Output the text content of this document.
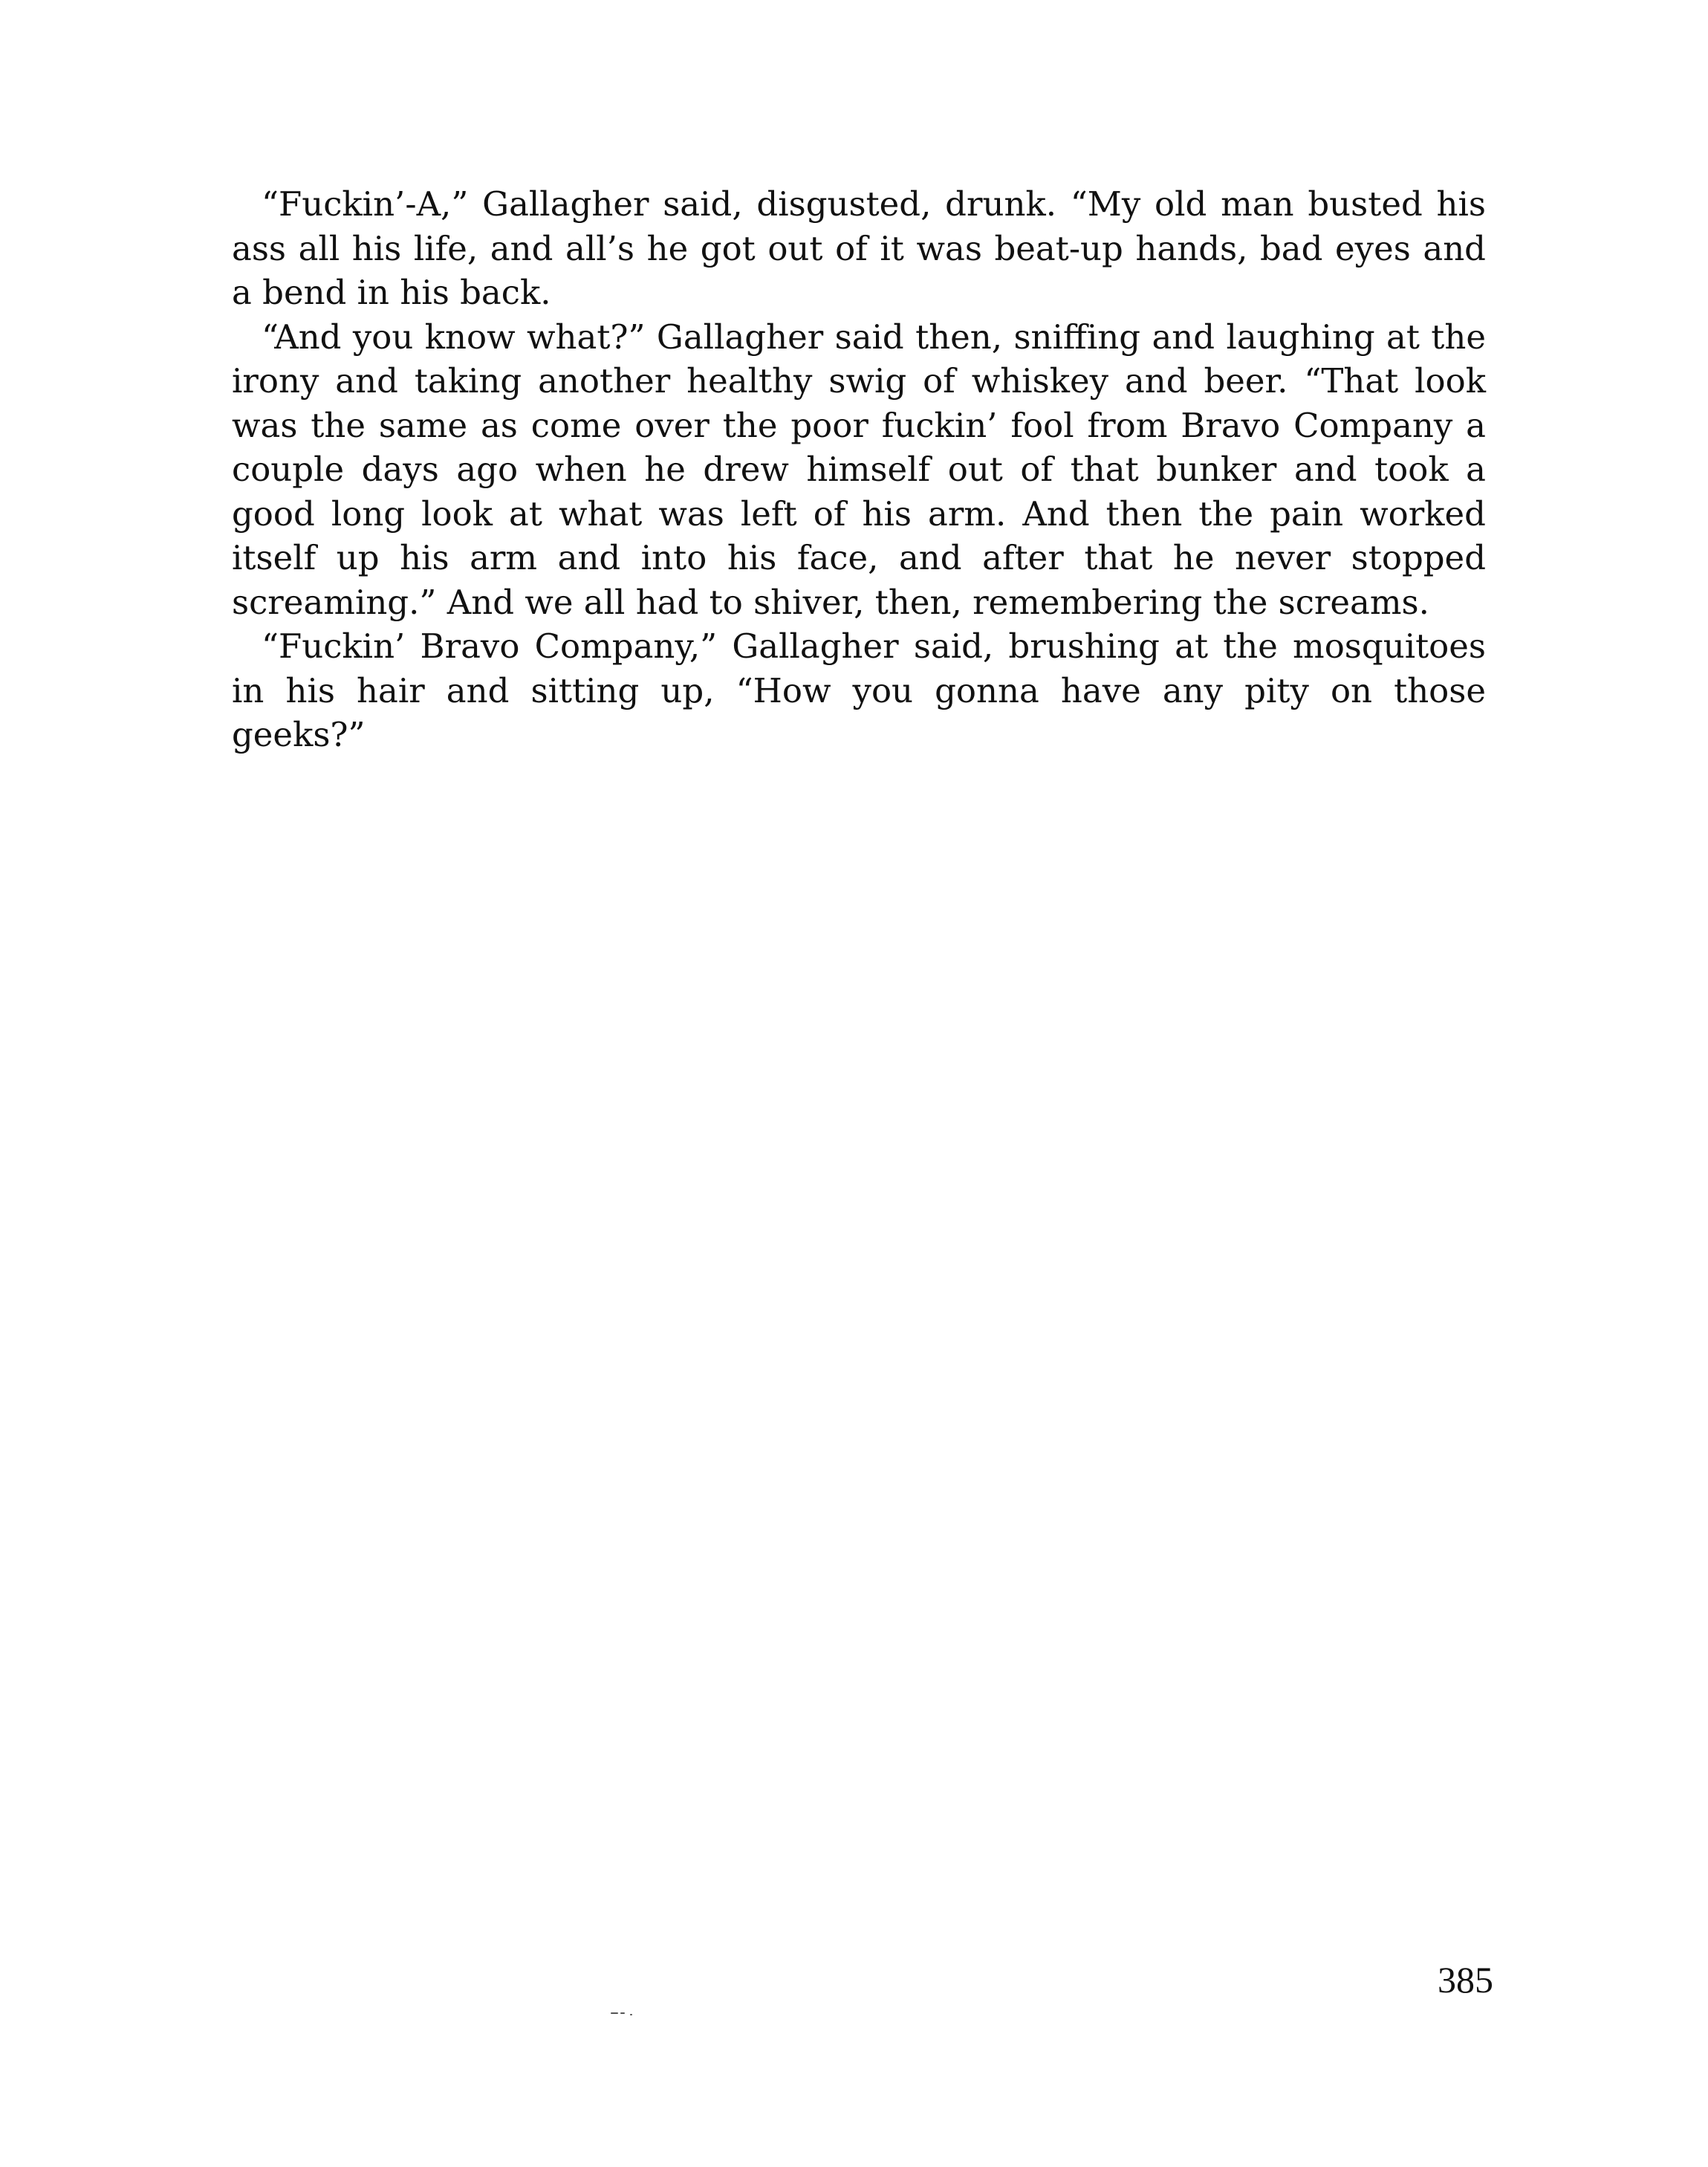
“Fuckin’-A,” Gallagher said, disgusted, drunk. “My old man busted his ass all his life, and all’s he got out of it was beat-up hands, bad eyes and a bend in his back.

“And you know what?” Gallagher said then, sniffing and laughing at the irony and taking another healthy swig of whiskey and beer. “That look was the same as come over the poor fuckin’ fool from Bravo Company a couple days ago when he drew himself out of that bunker and took a good long look at what was left of his arm. And then the pain worked itself up his arm and into his face, and after that he never stopped screaming.” And we all had to shiver, then, remembering the screams.

“Fuckin’ Bravo Company,” Gallagher said, brushing at the mosquitoes in his hair and sitting up, “How you gonna have any pity on those geeks?”

385
